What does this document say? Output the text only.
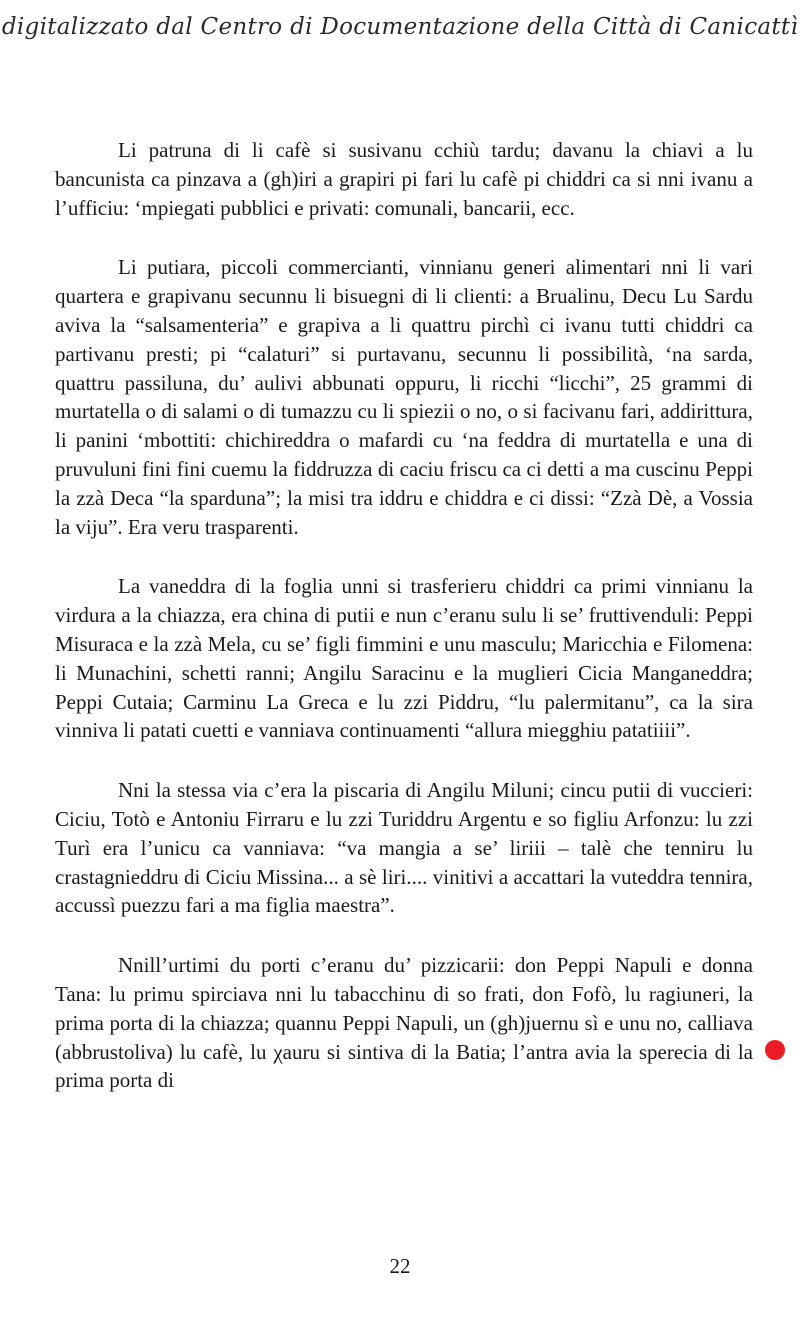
digitalizzato dal Centro di Documentazione della Città di Canicattì

Li patruna di li cafè si susivanu cchiù tardu; davanu la chiavi a lu bancunista ca pinzava a (gh)iri a grapiri pi fari lu cafè pi chiddri ca si nni ivanu a l’ufficiu: ‘mpiegati pubblici e privati: comunali, bancarii, ecc.

Li putiara, piccoli commercianti, vinnianu generi alimentari nni li vari quartera e grapivanu secunnu li bisuegni di li clienti: a Brualinu, Decu Lu Sardu aviva la “salsamenteria” e grapiva a li quattru pirchì ci ivanu tutti chiddri ca partivanu presti; pi “calaturi” si purtavanu, secunnu li possibilità, ‘na sarda, quattru passiluna, du’ aulivi abbunati oppuru, li ricchi “licchi”, 25 grammi di murtatella o di salami o di tumazzu cu li spiezii o no, o si facivanu fari, addirittura, li panini ‘mbottiti: chichireddra o mafardi cu ‘na feddra di murtatella e una di pruvuluni fini fini cuemu la fiddruzza di caciu friscu ca ci detti a ma cuscinu Peppi la zzà Deca “la sparduna”; la misi tra iddru e chiddra e ci dissi: “Zzà Dè, a Vossia la viju”. Era veru trasparenti.

La vaneddra di la foglia unni si trasferieru chiddri ca primi vinnianu la virdura a la chiazza, era china di putii e nun c’eranu sulu li se’ fruttivenduli: Peppi Misuraca e la zzà Mela, cu se’ figli fimmini e unu masculu; Maricchia e Filomena: li Munachini, schetti ranni; Angilu Saracinu e la muglieri Cicia Manganeddra; Peppi Cutaia; Carminu La Greca e lu zzi Piddru, “lu palermitanu”, ca la sira vinniva li patati cuetti e vanniava continuamenti “allura miegghiu patatiiii”.

Nni la stessa via c’era la piscaria di Angilu Miluni; cincu putii di vuccieri: Ciciu, Totò e Antoniu Firraru e lu zzi Turiddru Argentu e so figliu Arfonzu: lu zzi Turì era l’unicu ca vanniava: “va mangia a se’ liriii – talè che tenniru lu crastagnieddru di Ciciu Missina... a sè liri.... vinitivi a accattari la vuteddra tennira, accussì puezzu fari a ma figlia maestra”.

Nnill’urtimi du porti c’eranu du’ pizzicarii: don Peppi Napuli e donna Tana: lu primu spirciava nni lu tabacchinu di so frati, don Fofò, lu ragiuneri, la prima porta di la chiazza; quannu Peppi Napuli, un (gh)juernu sì e unu no, calliava (abbrustoliva) lu cafè, lu χauru si sintiva di la Batia; l’antra avia la sperecia di la prima porta di

22
